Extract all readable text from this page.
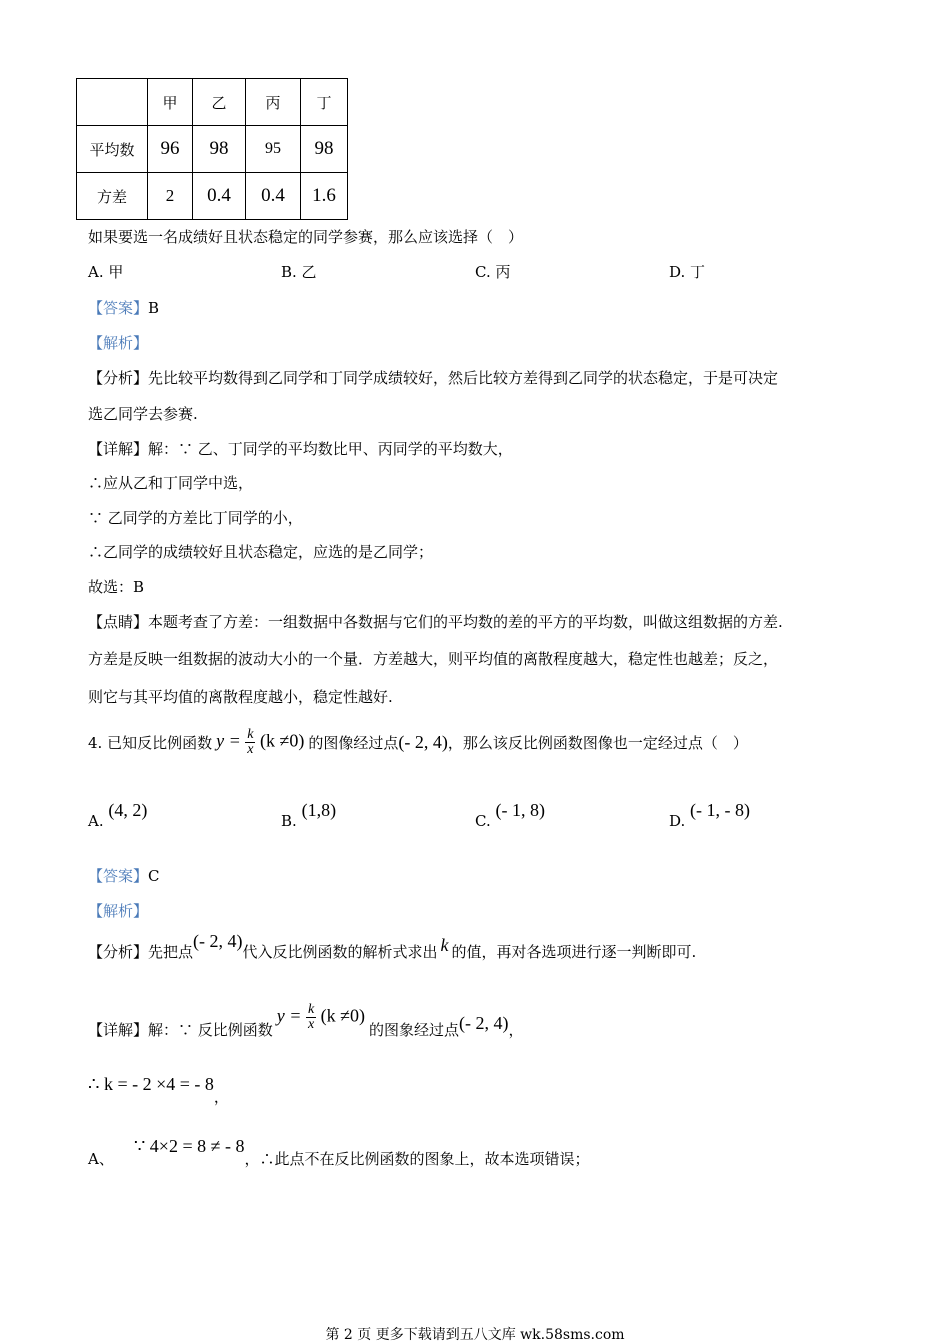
	甲	乙	丙	丁
平均数	96	98	95	98
方差	2	0.4	0.4	1.6
如果要选一名成绩好且状态稳定的同学参赛，那么应该选择（　）
A. 甲	B. 乙	C. 丙	D. 丁
【答案】B
【解析】
【分析】先比较平均数得到乙同学和丁同学成绩较好，然后比较方差得到乙同学的状态稳定，于是可决定
选乙同学去参赛.
【详解】解：∵ 乙、丁同学的平均数比甲、丙同学的平均数大，
∴应从乙和丁同学中选，
∵ 乙同学的方差比丁同学的小，
∴乙同学的成绩较好且状态稳定，应选的是乙同学；
故选：B
【点睛】本题考查了方差：一组数据中各数据与它们的平均数的差的平方的平均数，叫做这组数据的方差.
方差是反映一组数据的波动大小的一个量．方差越大，则平均值的离散程度越大，稳定性也越差；反之，
则它与其平均值的离散程度越小，稳定性越好.
4. 已知反比例函数 $y = \frac{k}{x} (k \ne 0)$ 的图像经过点 (- 2, 4) ，那么该反比例函数图像也一定经过点（　）
A. (4, 2)
B. (1,8)
C. (- 1, 8)
D. (- 1, - 8)
【答案】C
【解析】
【分析】 先把点
(- 2, 4)
代入反比例函数的解析式求出 k 的值，再对各选项进行逐一判断即可.
【详解】 解：∵ 反比例函数
$y = \frac{k}{x} (k \ne 0)$
的图象经过点 (- 2, 4) ，
∴ k = - 2 ×4 = - 8，
A、
∵ 4×2 = 8 ≠ - 8
，∴ 此点不在反比例函数的图象上，故本选项错误；
第 2 页 更多下载请到五八文库 wk.58sms.com
